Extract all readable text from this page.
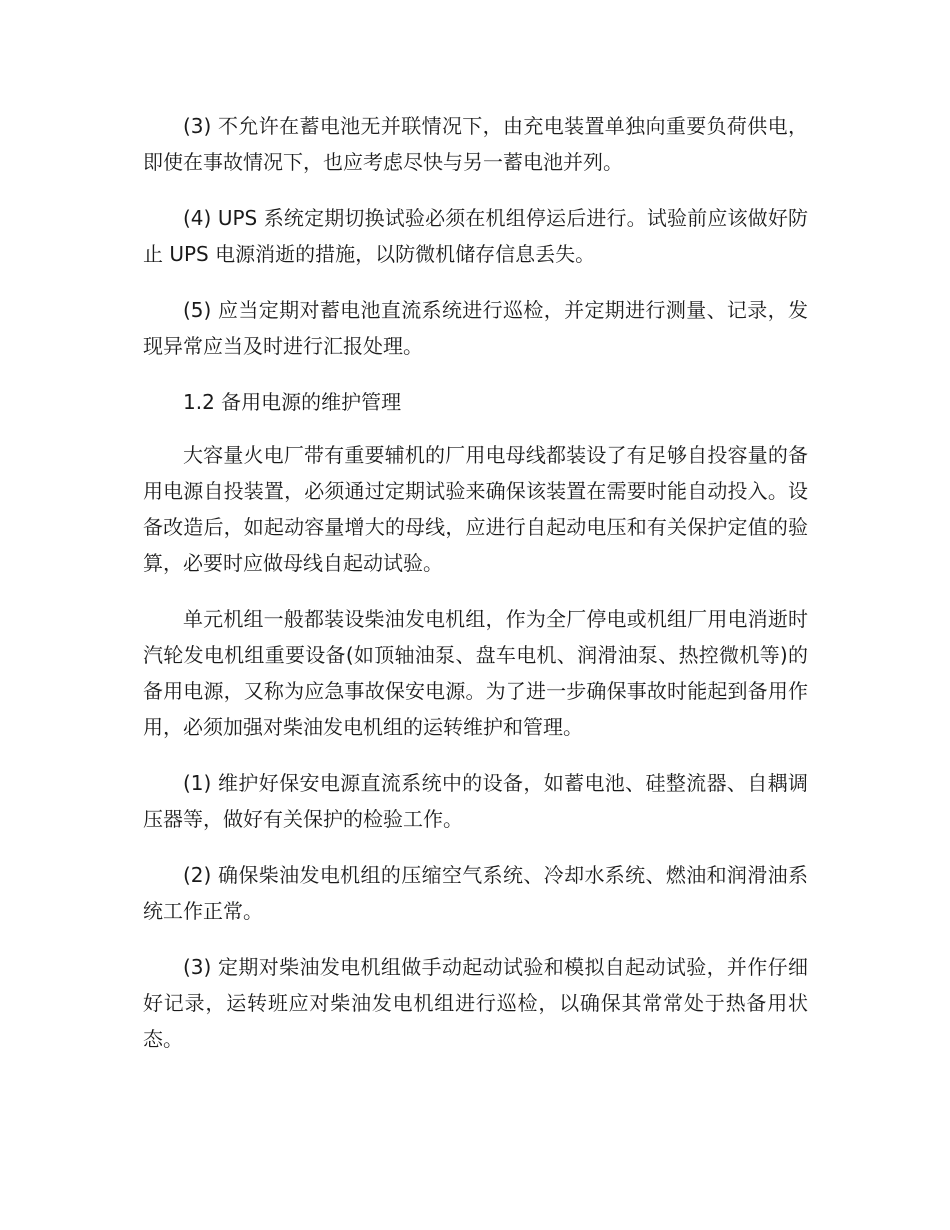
(3) 不允许在蓄电池无并联情况下，由充电装置单独向重要负荷供电，即使在事故情况下，也应考虑尽快与另一蓄电池并列。

(4) UPS 系统定期切换试验必须在机组停运后进行。试验前应该做好防止 UPS 电源消逝的措施，以防微机储存信息丢失。

(5) 应当定期对蓄电池直流系统进行巡检，并定期进行测量、记录，发现异常应当及时进行汇报处理。

1.2 备用电源的维护管理

大容量火电厂带有重要辅机的厂用电母线都装设了有足够自投容量的备用电源自投装置，必须通过定期试验来确保该装置在需要时能自动投入。设备改造后，如起动容量增大的母线，应进行自起动电压和有关保护定值的验算，必要时应做母线自起动试验。

单元机组一般都装设柴油发电机组，作为全厂停电或机组厂用电消逝时汽轮发电机组重要设备(如顶轴油泵、盘车电机、润滑油泵、热控微机等)的备用电源，又称为应急事故保安电源。为了进一步确保事故时能起到备用作用，必须加强对柴油发电机组的运转维护和管理。

(1) 维护好保安电源直流系统中的设备，如蓄电池、硅整流器、自耦调压器等，做好有关保护的检验工作。

(2) 确保柴油发电机组的压缩空气系统、冷却水系统、燃油和润滑油系统工作正常。

(3) 定期对柴油发电机组做手动起动试验和模拟自起动试验，并作仔细好记录，运转班应对柴油发电机组进行巡检，以确保其常常处于热备用状态。
